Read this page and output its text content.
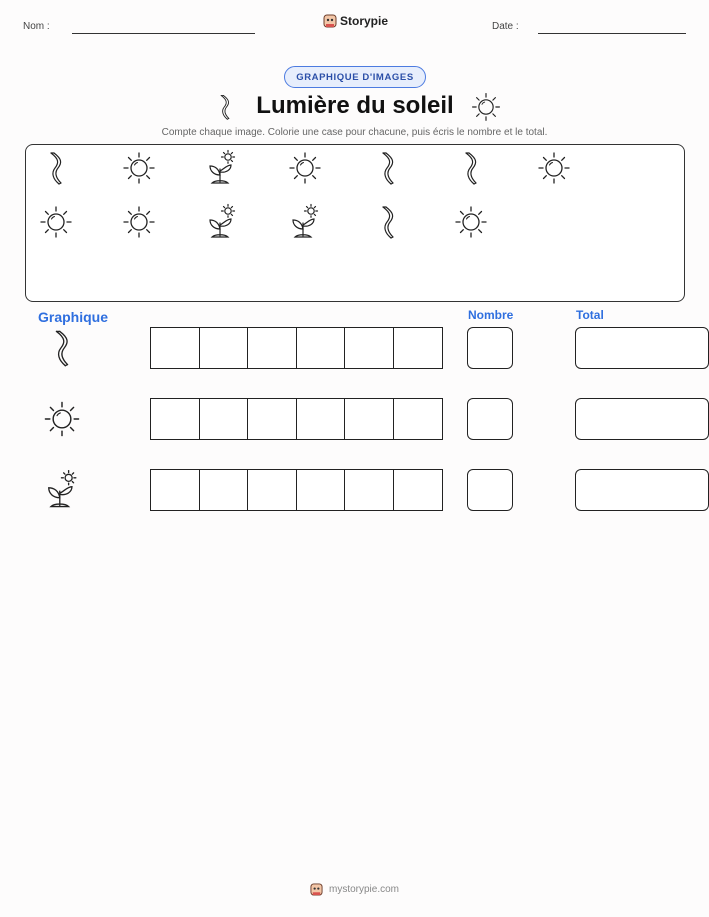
Nom :	Storypie	Date :
GRAPHIQUE D'IMAGES
Lumière du soleil
Compte chaque image. Colorie une case pour chacune, puis écris le nombre et le total.
Graphique	Nombre	Total
mystorypie.com
